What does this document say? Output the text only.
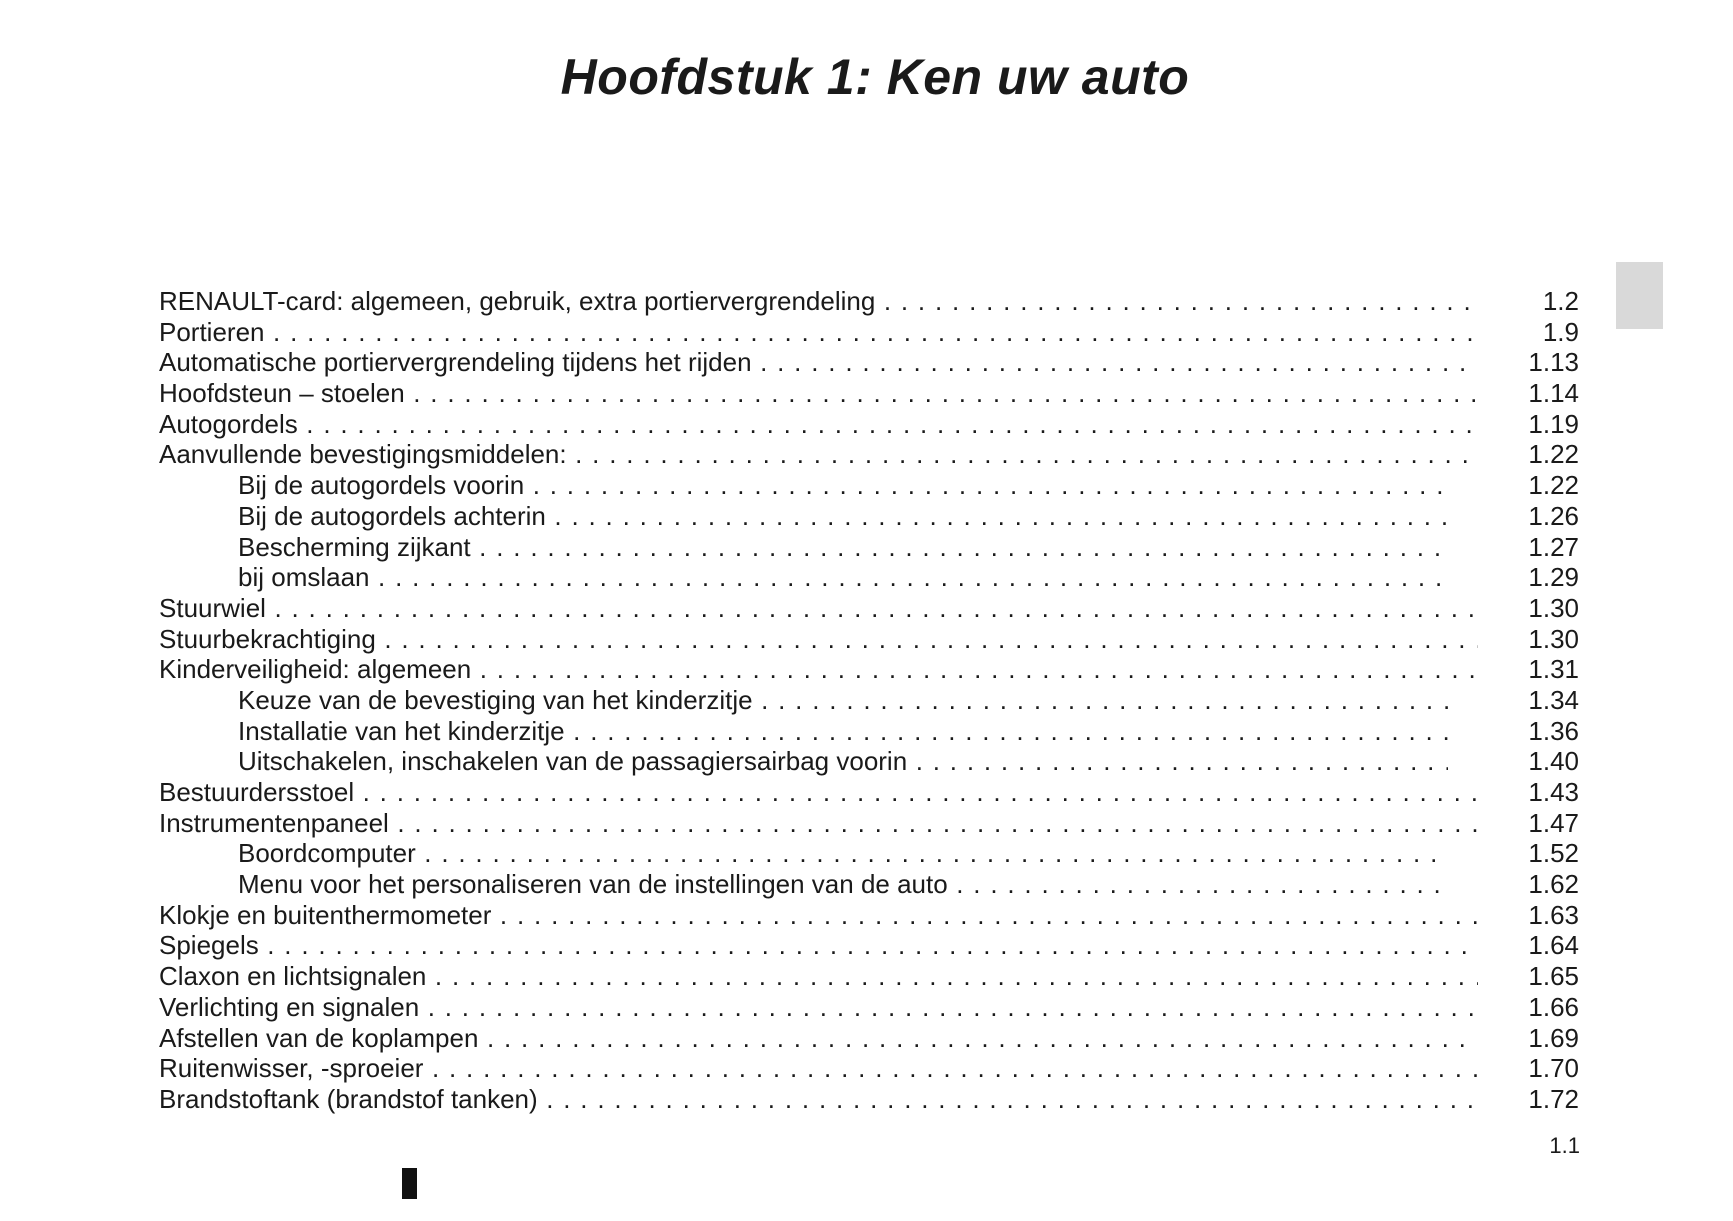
Hoofdstuk 1: Ken uw auto
RENAULT-card: algemeen, gebruik, extra portiervergrendeling . . .	1.2
Portieren . . .	1.9
Automatische portiervergrendeling tijdens het rijden . . .	1.13
Hoofdsteun – stoelen . . .	1.14
Autogordels . . .	1.19
Aanvullende bevestigingsmiddelen: . . .	1.22
Bij de autogordels voorin . . .	1.22
Bij de autogordels achterin . . .	1.26
Bescherming zijkant . . .	1.27
bij omslaan . . .	1.29
Stuurwiel . . .	1.30
Stuurbekrachtiging . . .	1.30
Kinderveiligheid: algemeen . . .	1.31
Keuze van de bevestiging van het kinderzitje . . .	1.34
Installatie van het kinderzitje . . .	1.36
Uitschakelen, inschakelen van de passagiersairbag voorin . . .	1.40
Bestuurdersstoel . . .	1.43
Instrumentenpaneel . . .	1.47
Boordcomputer . . .	1.52
Menu voor het personaliseren van de instellingen van de auto . . .	1.62
Klokje en buitenthermometer . . .	1.63
Spiegels . . .	1.64
Claxon en lichtsignalen . . .	1.65
Verlichting en signalen . . .	1.66
Afstellen van de koplampen . . .	1.69
Ruitenwisser, -sproeier . . .	1.70
Brandstoftank (brandstof tanken) . . .	1.72
1.1
